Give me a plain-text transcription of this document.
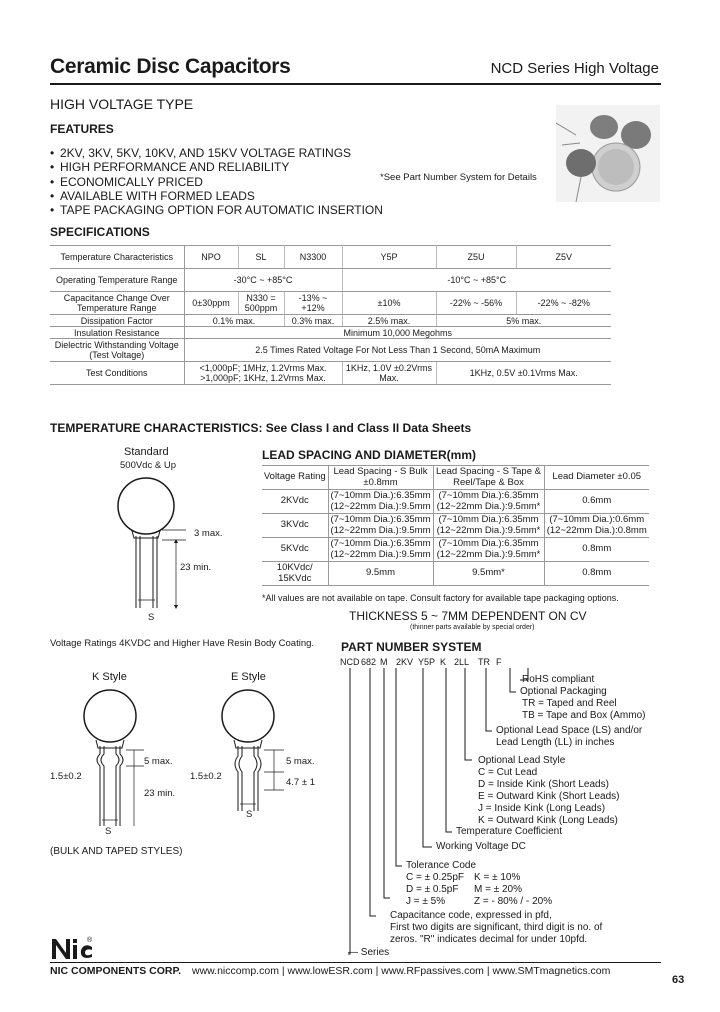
Ceramic Disc Capacitors	NCD Series High Voltage
HIGH VOLTAGE TYPE
FEATURES
• 2KV, 3KV, 5KV, 10KV, AND 15KV VOLTAGE RATINGS
• HIGH PERFORMANCE AND RELIABILITY
• ECONOMICALLY PRICED
• AVAILABLE WITH FORMED LEADS
• TAPE PACKAGING OPTION FOR AUTOMATIC INSERTION
*See Part Number System for Details
SPECIFICATIONS
Temperature Characteristics	NPO	SL	N3300	Y5P	Z5U	Z5V
Operating Temperature Range	-30°C ~ +85°C			-10°C ~ +85°C		
Capacitance Change Over Temperature Range	0±30ppm	N330 = 500ppm	-13% ~ +12%	±10%	-22% ~ -56%	-22% ~ -82%
Dissipation Factor	0.1% max.		0.3% max.	2.5% max.	5% max.	
Insulation Resistance	Minimum 10,000 Megohms					
Dielectric Withstanding Voltage (Test Voltage)	2.5 Times Rated Voltage For Not Less Than 1 Second, 50mA Maximum					
Test Conditions	<1,000pF; 1MHz, 1.2Vrms Max. >1,000pF; 1KHz, 1.2Vrms Max.			1KHz, 1.0V ±0.2Vrms Max.	1KHz, 0.5V ±0.1Vrms Max.	
TEMPERATURE CHARACTERISTICS: See Class I and Class II Data Sheets
Standard
500Vdc & Up
3 max.
23 min.
S
Voltage Ratings 4KVDC and Higher Have Resin Body Coating.
K Style
1.5±0.2
5 max.
23 min.
S
E Style
1.5±0.2
5 max.
4.7 ± 1
S
(BULK AND TAPED STYLES)
LEAD SPACING AND DIAMETER(mm)
Voltage Rating	Lead Spacing - S Bulk ±0.8mm	Lead Spacing - S Tape & Reel/Tape & Box	Lead Diameter ±0.05
2KVdc	(7~10mm Dia.):6.35mm (12~22mm Dia.):9.5mm	(7~10mm Dia.):6.35mm (12~22mm Dia.):9.5mm*	0.6mm
3KVdc	(7~10mm Dia.):6.35mm (12~22mm Dia.):9.5mm	(7~10mm Dia.):6.35mm (12~22mm Dia.):9.5mm*	(7~10mm Dia.):0.6mm (12~22mm Dia.):0.8mm
5KVdc	(7~10mm Dia.):6.35mm (12~22mm Dia.):9.5mm	(7~10mm Dia.):6.35mm (12~22mm Dia.):9.5mm*	0.8mm
10KVdc/ 15KVdc	9.5mm	9.5mm*	0.8mm
*All values are not available on tape. Consult factory for available tape packaging options.
THICKNESS 5 ~ 7MM DEPENDENT ON CV
(thinner parts available by special order)
PART NUMBER SYSTEM
NCD 682 M 2KV Y5P K 2LL TR F
RoHS compliant
Optional Packaging
TR = Taped and Reel
TB = Tape and Box (Ammo)
Optional Lead Space (LS) and/or
Lead Length (LL) in inches
Optional Lead Style
C = Cut Lead
D = Inside Kink (Short Leads)
E = Outward Kink (Short Leads)
J = Inside Kink (Long Leads)
K = Outward Kink (Long Leads)
Temperature Coefficient
Working Voltage DC
Tolerance Code
C = ± 0.25pF K = ± 10%
D = ± 0.5pF M = ± 20%
J = ± 5%	Z = - 80% / - 20%
Capacitance code, expressed in pfd,
First two digits are significant, third digit is no. of
zeros. "R" indicates decimal for under 10pfd.
— Series
®
NIC COMPONENTS CORP. www.niccomp.com | www.lowESR.com | www.RFpassives.com | www.SMTmagnetics.com
63
